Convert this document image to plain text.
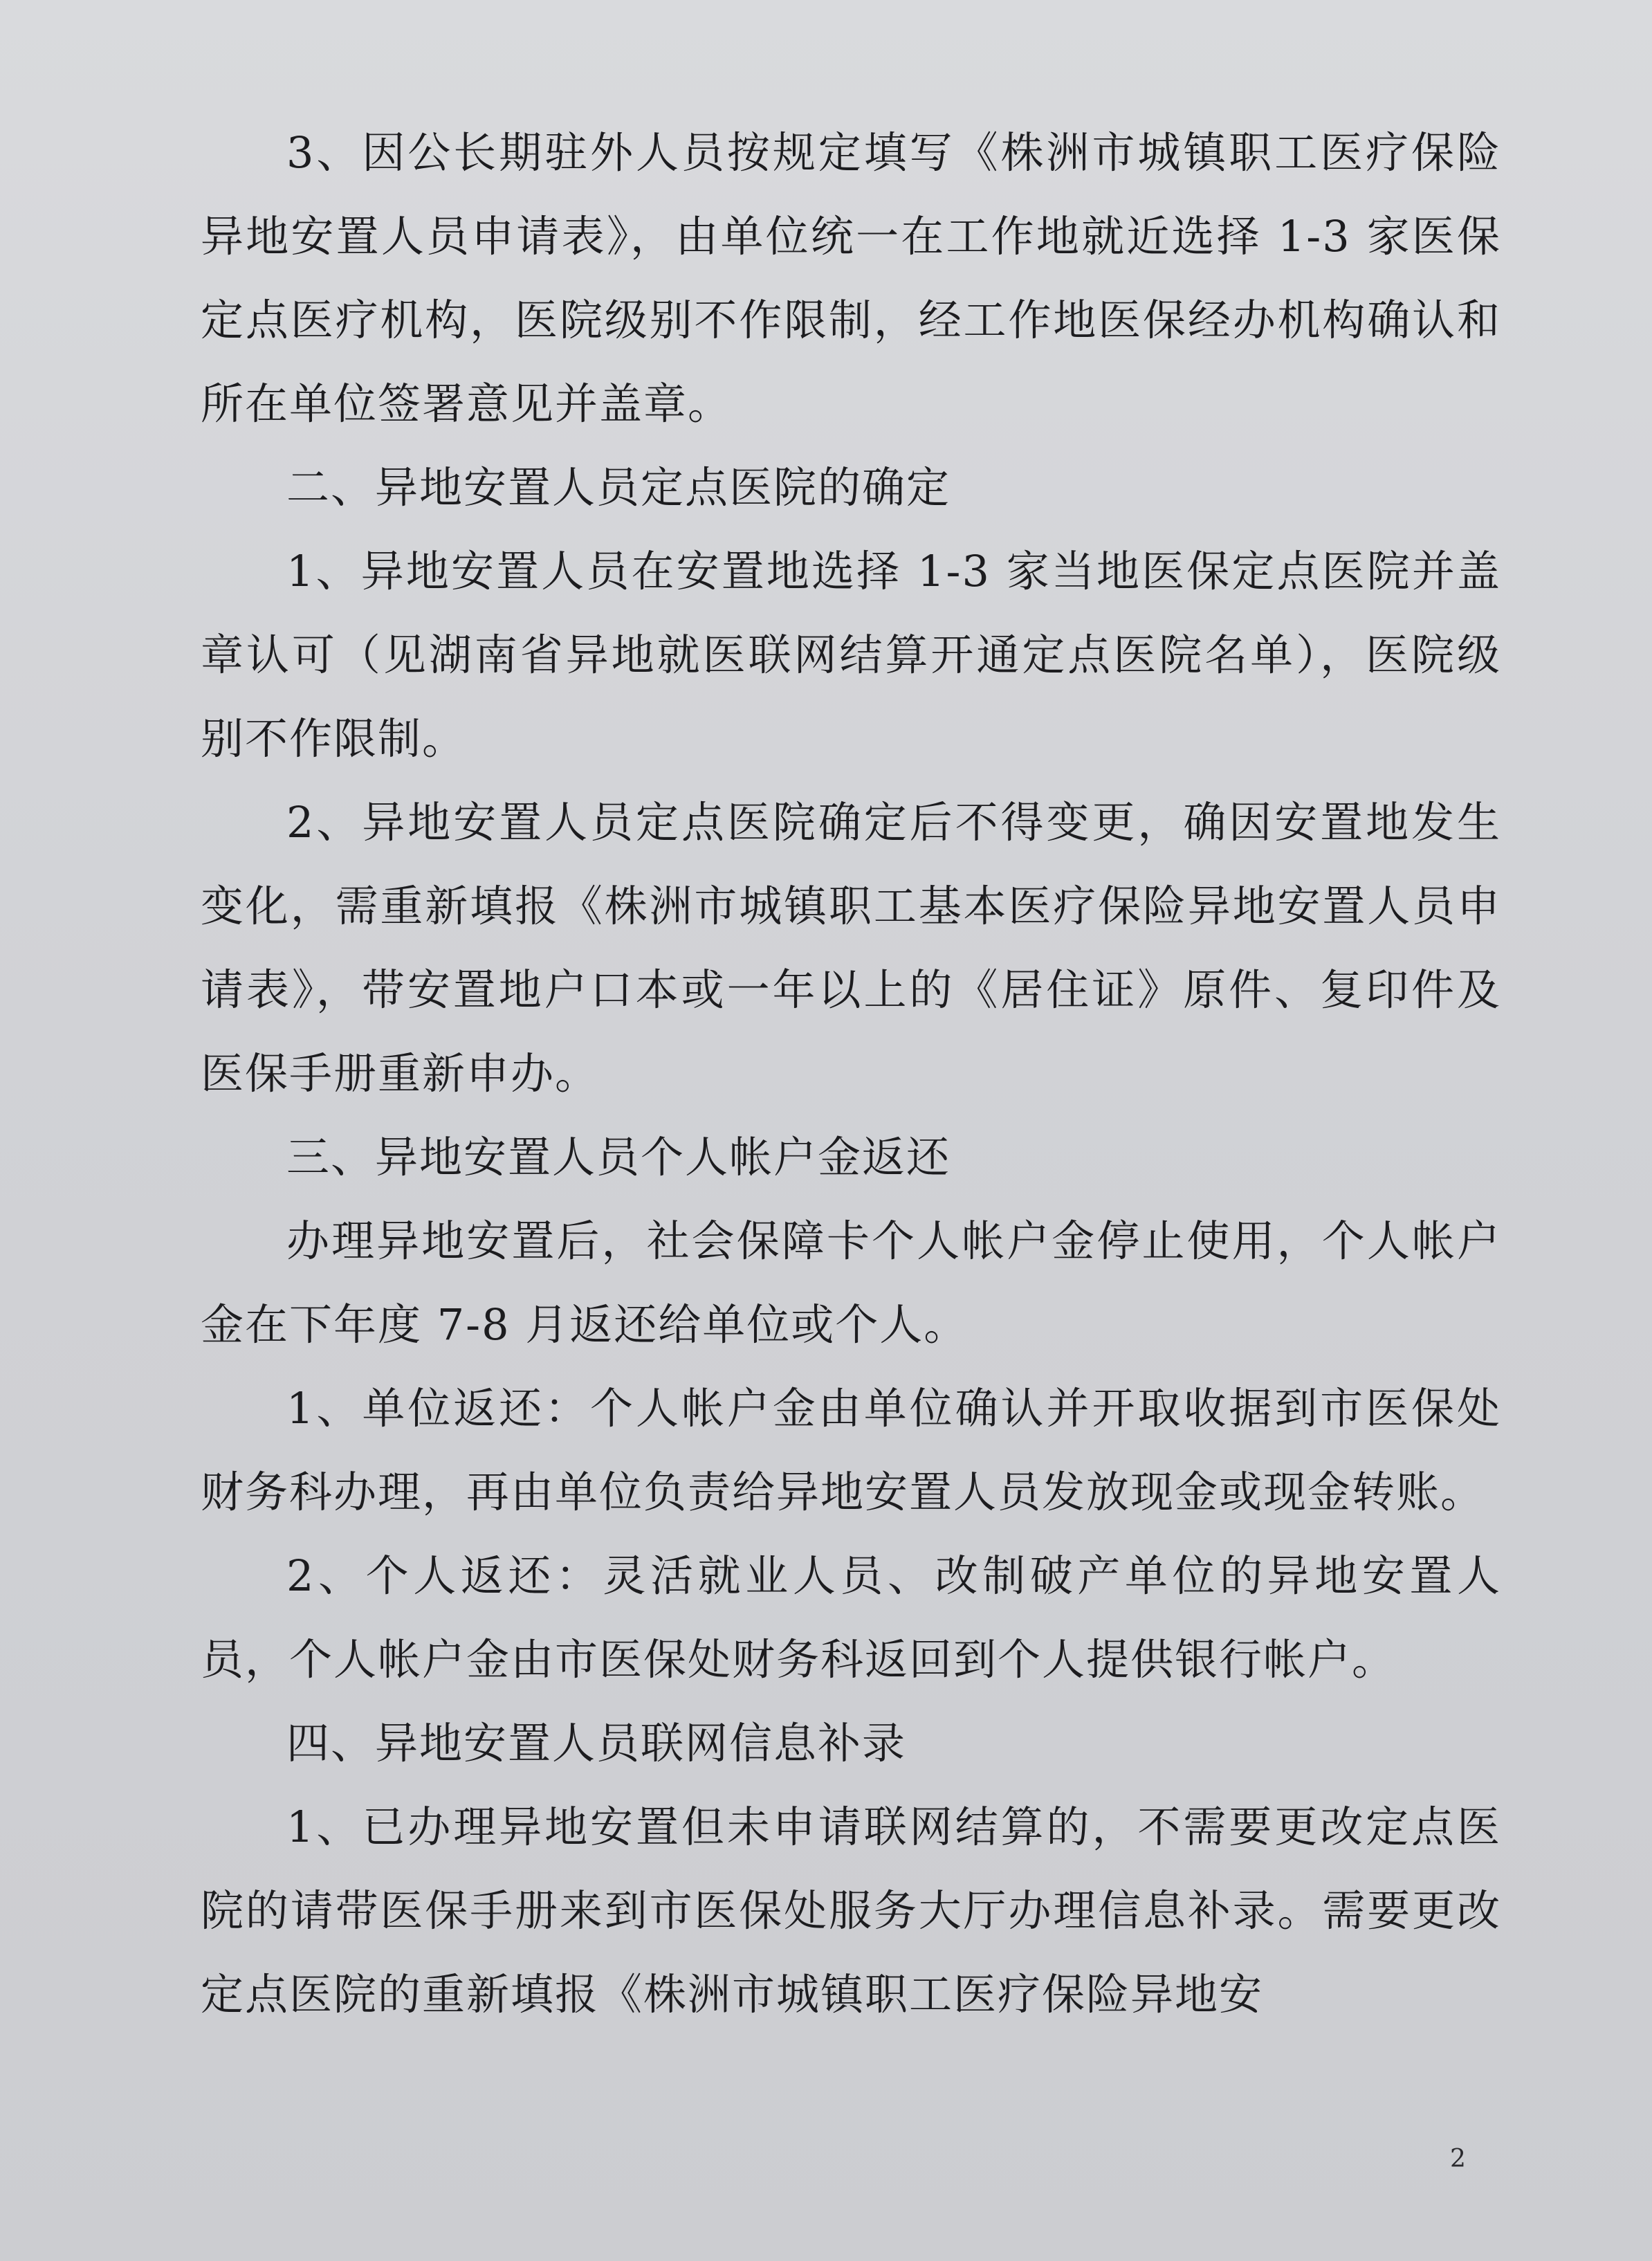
3、因公长期驻外人员按规定填写《株洲市城镇职工医疗保险异地安置人员申请表》，由单位统一在工作地就近选择 1-3 家医保定点医疗机构，医院级别不作限制，经工作地医保经办机构确认和所在单位签署意见并盖章。

二、异地安置人员定点医院的确定

1、异地安置人员在安置地选择 1-3 家当地医保定点医院并盖章认可（见湖南省异地就医联网结算开通定点医院名单），医院级别不作限制。

2、异地安置人员定点医院确定后不得变更，确因安置地发生变化，需重新填报《株洲市城镇职工基本医疗保险异地安置人员申请表》，带安置地户口本或一年以上的《居住证》原件、复印件及医保手册重新申办。

三、异地安置人员个人帐户金返还

办理异地安置后，社会保障卡个人帐户金停止使用，个人帐户金在下年度 7-8 月返还给单位或个人。

1、单位返还：个人帐户金由单位确认并开取收据到市医保处财务科办理，再由单位负责给异地安置人员发放现金或现金转账。

2、个人返还：灵活就业人员、改制破产单位的异地安置人员，个人帐户金由市医保处财务科返回到个人提供银行帐户。

四、异地安置人员联网信息补录

1、已办理异地安置但未申请联网结算的，不需要更改定点医院的请带医保手册来到市医保处服务大厅办理信息补录。需要更改定点医院的重新填报《株洲市城镇职工医疗保险异地安

2
